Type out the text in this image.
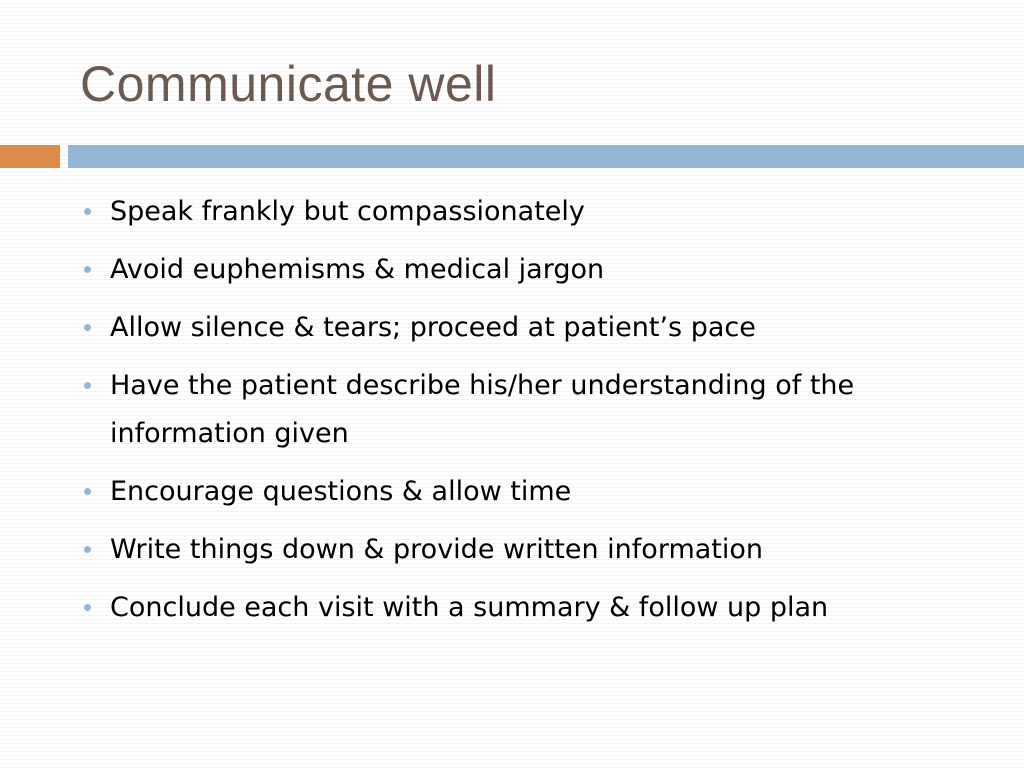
Communicate well
Speak frankly but compassionately
Avoid euphemisms & medical jargon
Allow silence & tears; proceed at patient’s pace
Have the patient describe his/her understanding of the information given
Encourage questions & allow time
Write things down & provide written information
Conclude each visit with a summary & follow up plan
